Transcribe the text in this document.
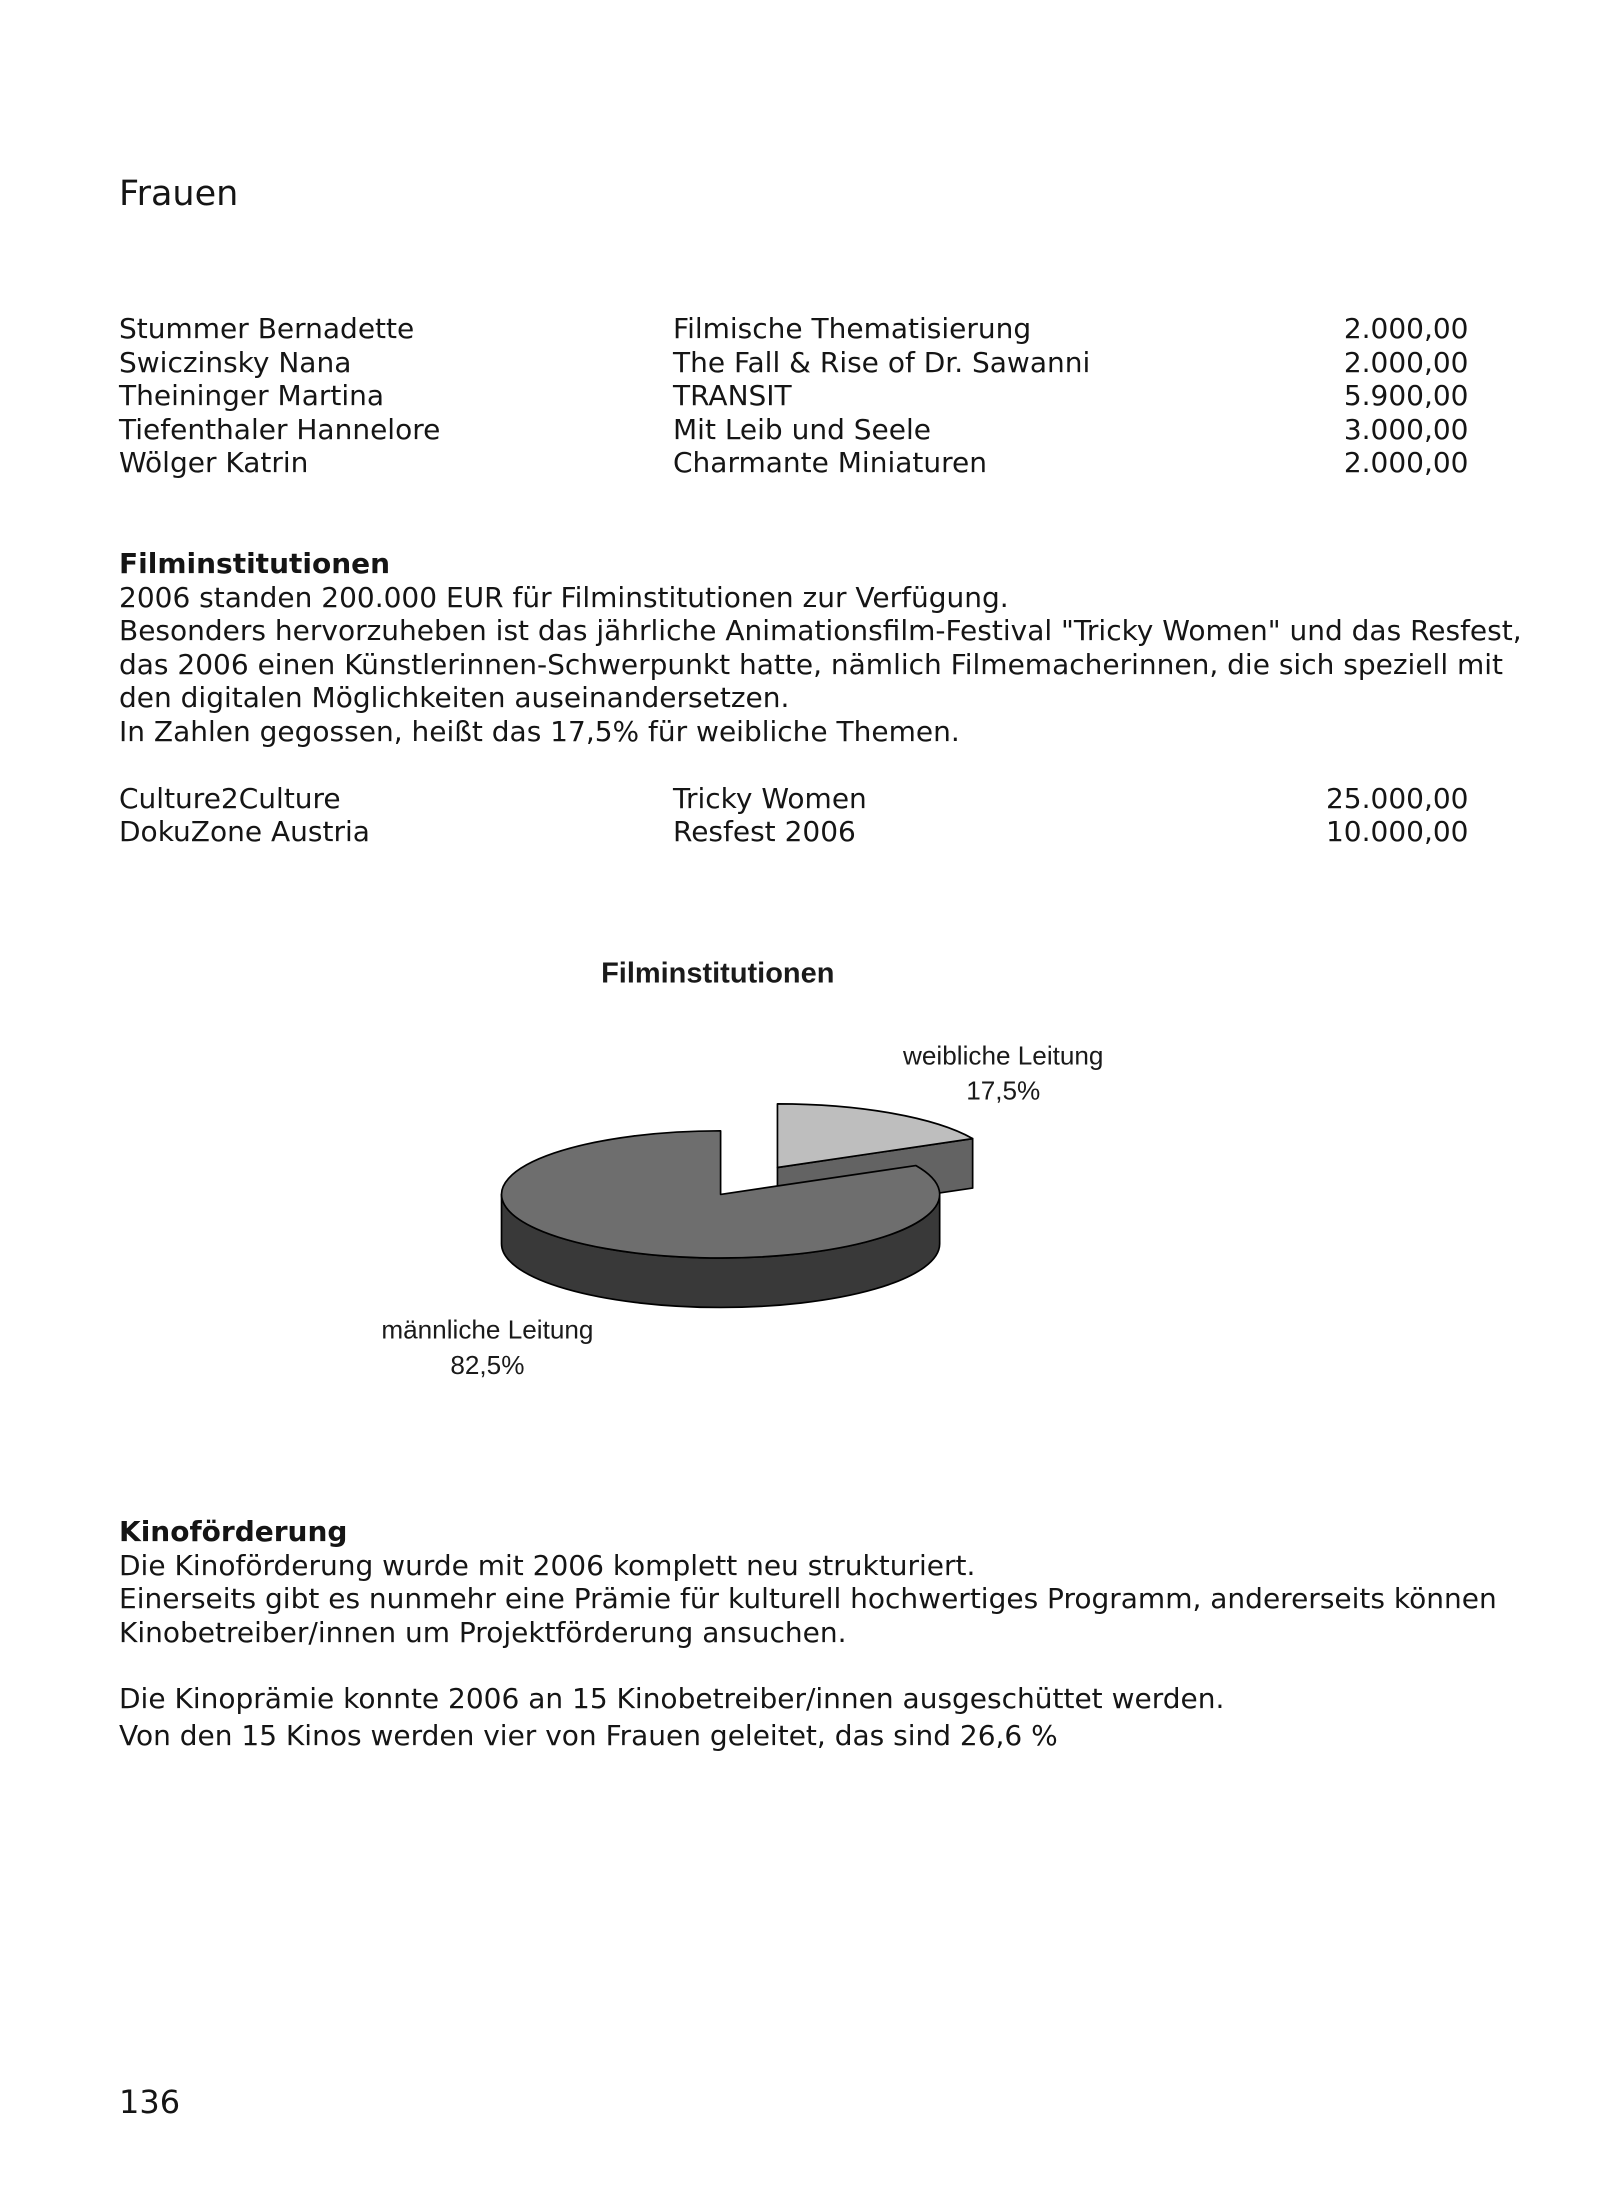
Frauen
Stummer Bernadette	Filmische Thematisierung	2.000,00
Swiczinsky Nana	The Fall & Rise of Dr. Sawanni	2.000,00
Theininger Martina	TRANSIT	5.900,00
Tiefenthaler Hannelore	Mit Leib und Seele	3.000,00
Wölger Katrin	Charmante Miniaturen	2.000,00
Filminstitutionen
2006 standen 200.000 EUR für Filminstitutionen zur Verfügung.
Besonders hervorzuheben ist das jährliche Animationsfilm-Festival "Tricky Women" und das Resfest,
das 2006 einen Künstlerinnen-Schwerpunkt hatte, nämlich Filmemacherinnen, die sich speziell mit
den digitalen Möglichkeiten auseinandersetzen.
In Zahlen gegossen, heißt das 17,5% für weibliche Themen.
Culture2Culture	Tricky Women	25.000,00
DokuZone Austria	Resfest 2006	10.000,00
Filminstitutionen
weibliche Leitung
17,5%
männliche Leitung
82,5%
Kinoförderung
Die Kinoförderung wurde mit 2006 komplett neu strukturiert.
Einerseits gibt es nunmehr eine Prämie für kulturell hochwertiges Programm, andererseits können
Kinobetreiber/innen um Projektförderung ansuchen.
Die Kinoprämie konnte 2006 an 15 Kinobetreiber/innen ausgeschüttet werden.
Von den 15 Kinos werden vier von Frauen geleitet, das sind 26,6 %
136
